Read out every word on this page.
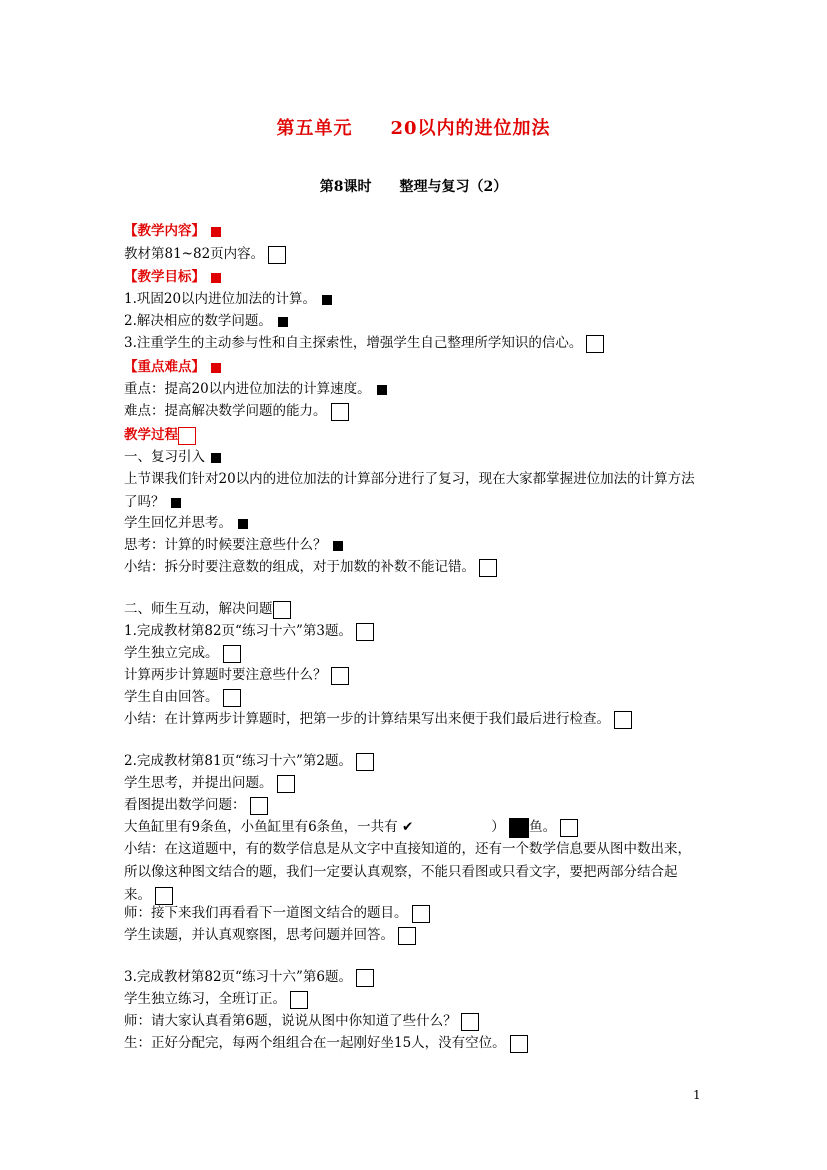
第五单元　　20以内的进位加法
第8课时　　整理与复习（2）
【教学内容】
教材第81~82页内容。
【教学目标】
1.巩固20以内进位加法的计算。
2.解决相应的数学问题。
3.注重学生的主动参与性和自主探索性，增强学生自己整理所学知识的信心。
【重点难点】
重点：提高20以内进位加法的计算速度。
难点：提高解决数学问题的能力。
教学过程
一、复习引入
上节课我们针对20以内的进位加法的计算部分进行了复习，现在大家都掌握进位加法的计算方法了吗？
学生回忆并思考。
思考：计算的时候要注意些什么？
小结：拆分时要注意数的组成，对于加数的补数不能记错。
二、师生互动，解决问题
1.完成教材第82页“练习十六”第3题。
学生独立完成。
计算两步计算题时要注意些什么？
学生自由回答。
小结：在计算两步计算题时，把第一步的计算结果写出来便于我们最后进行检查。
2.完成教材第81页“练习十六”第2题。
学生思考，并提出问题。
看图提出数学问题：
大鱼缸里有9条鱼，小鱼缸里有6条鱼，一共有 ✔	） 鱼。
小结：在这道题中，有的数学信息是从文字中直接知道的，还有一个数学信息要从图中数出来，所以像这种图文结合的题，我们一定要认真观察，不能只看图或只看文字，要把两部分结合起来。
师：接下来我们再看看下一道图文结合的题目。
学生读题，并认真观察图，思考问题并回答。
3.完成教材第82页“练习十六”第6题。
学生独立练习，全班订正。
师：请大家认真看第6题，说说从图中你知道了些什么？
生：正好分配完，每两个组组合在一起刚好坐15人，没有空位。
1
